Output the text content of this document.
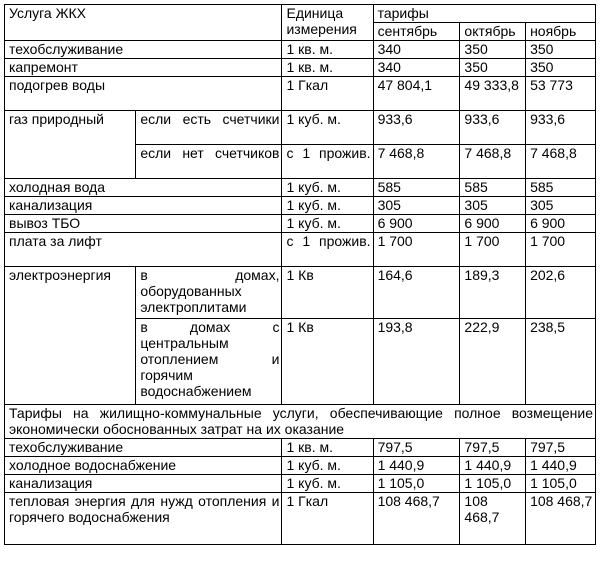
Услуга ЖКХ		Единица измерения	тарифы		
			сентябрь	октябрь	ноябрь
техобслуживание		1 кв. м.	340	350	350
капремонт		1 кв. м.	340	350	350
подогрев воды		1 Гкал	47 804,1	49 333,8	53 773
газ природный	если есть счетчики	1 куб. м.	933,6	933,6	933,6
	если нет счетчиков	с 1 прожив.	7 468,8	7 468,8	7 468,8
холодная вода		1 куб. м.	585	585	585
канализация		1 куб. м.	305	305	305
вывоз ТБО		1 куб. м.	6 900	6 900	6 900
плата за лифт		с 1 прожив.	1 700	1 700	1 700
электроэнергия	в домах, оборудованных электроплитами	1 Кв	164,6	189,3	202,6
	в домах с центральным отоплением и горячим водоснабжением	1 Кв	193,8	222,9	238,5
Тарифы на жилищно-коммунальные услуги, обеспечивающие полное возмещение экономически обоснованных затрат на их оказание					
техобслуживание		1 кв. м.	797,5	797,5	797,5
холодное водоснабжение		1 куб. м.	1 440,9	1 440,9	1 440,9
канализация		1 куб. м.	1 105,0	1 105,0	1 105,0
тепловая энергия для нужд отопления и горячего водоснабжения		1 Гкал	108 468,7	108 468,7	108 468,7
